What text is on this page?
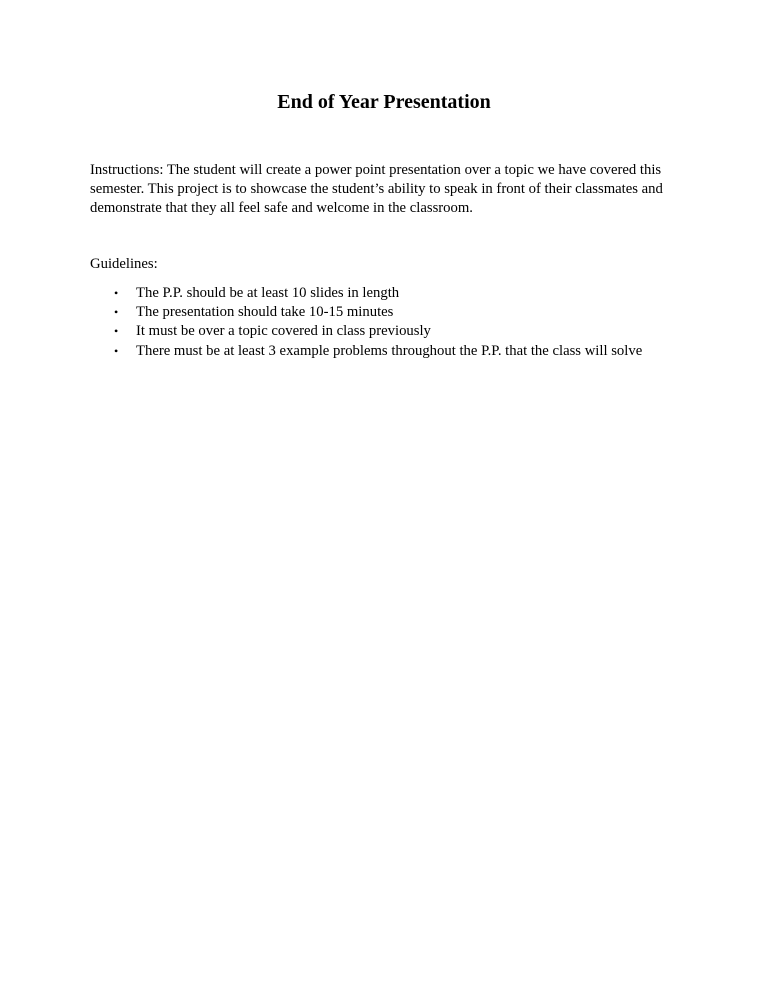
End of Year Presentation

Instructions: The student will create a power point presentation over a topic we have covered this semester. This project is to showcase the student’s ability to speak in front of their classmates and demonstrate that they all feel safe and welcome in the classroom.

Guidelines:

• The P.P. should be at least 10 slides in length
• The presentation should take 10-15 minutes
• It must be over a topic covered in class previously
• There must be at least 3 example problems throughout the P.P. that the class will solve
